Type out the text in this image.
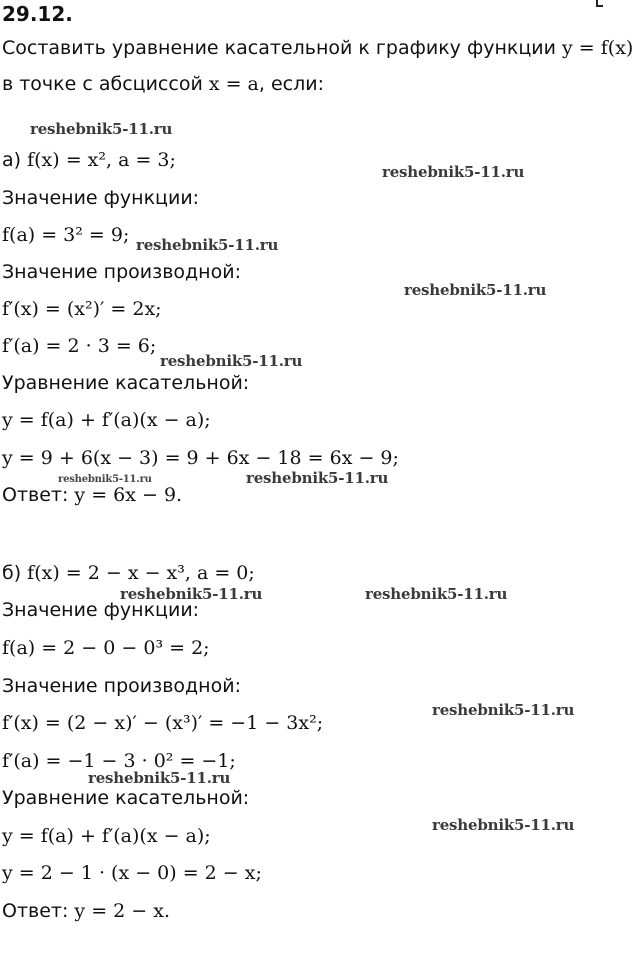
29.12.
Составить уравнение касательной к графику функции y = f(x)
в точке с абсциссой x = a, если:
а) f(x) = x², a = 3;
Значение функции:
f(a) = 3² = 9;
Значение производной:
f′(x) = (x²)′ = 2x;
f′(a) = 2 · 3 = 6;
Уравнение касательной:
y = f(a) + f′(a)(x − a);
y = 9 + 6(x − 3) = 9 + 6x − 18 = 6x − 9;
Ответ: y = 6x − 9.
б) f(x) = 2 − x − x³, a = 0;
Значение функции:
f(a) = 2 − 0 − 0³ = 2;
Значение производной:
f′(x) = (2 − x)′ − (x³)′ = −1 − 3x²;
f′(a) = −1 − 3 · 0² = −1;
Уравнение касательной:
y = f(a) + f′(a)(x − a);
y = 2 − 1 · (x − 0) = 2 − x;
Ответ: y = 2 − x.
reshebnik5-11.ru
reshebnik5-11.ru
reshebnik5-11.ru
reshebnik5-11.ru
reshebnik5-11.ru
reshebnik5-11.ru	reshebnik5-11.ru
reshebnik5-11.ru	reshebnik5-11.ru
reshebnik5-11.ru
reshebnik5-11.ru
reshebnik5-11.ru
